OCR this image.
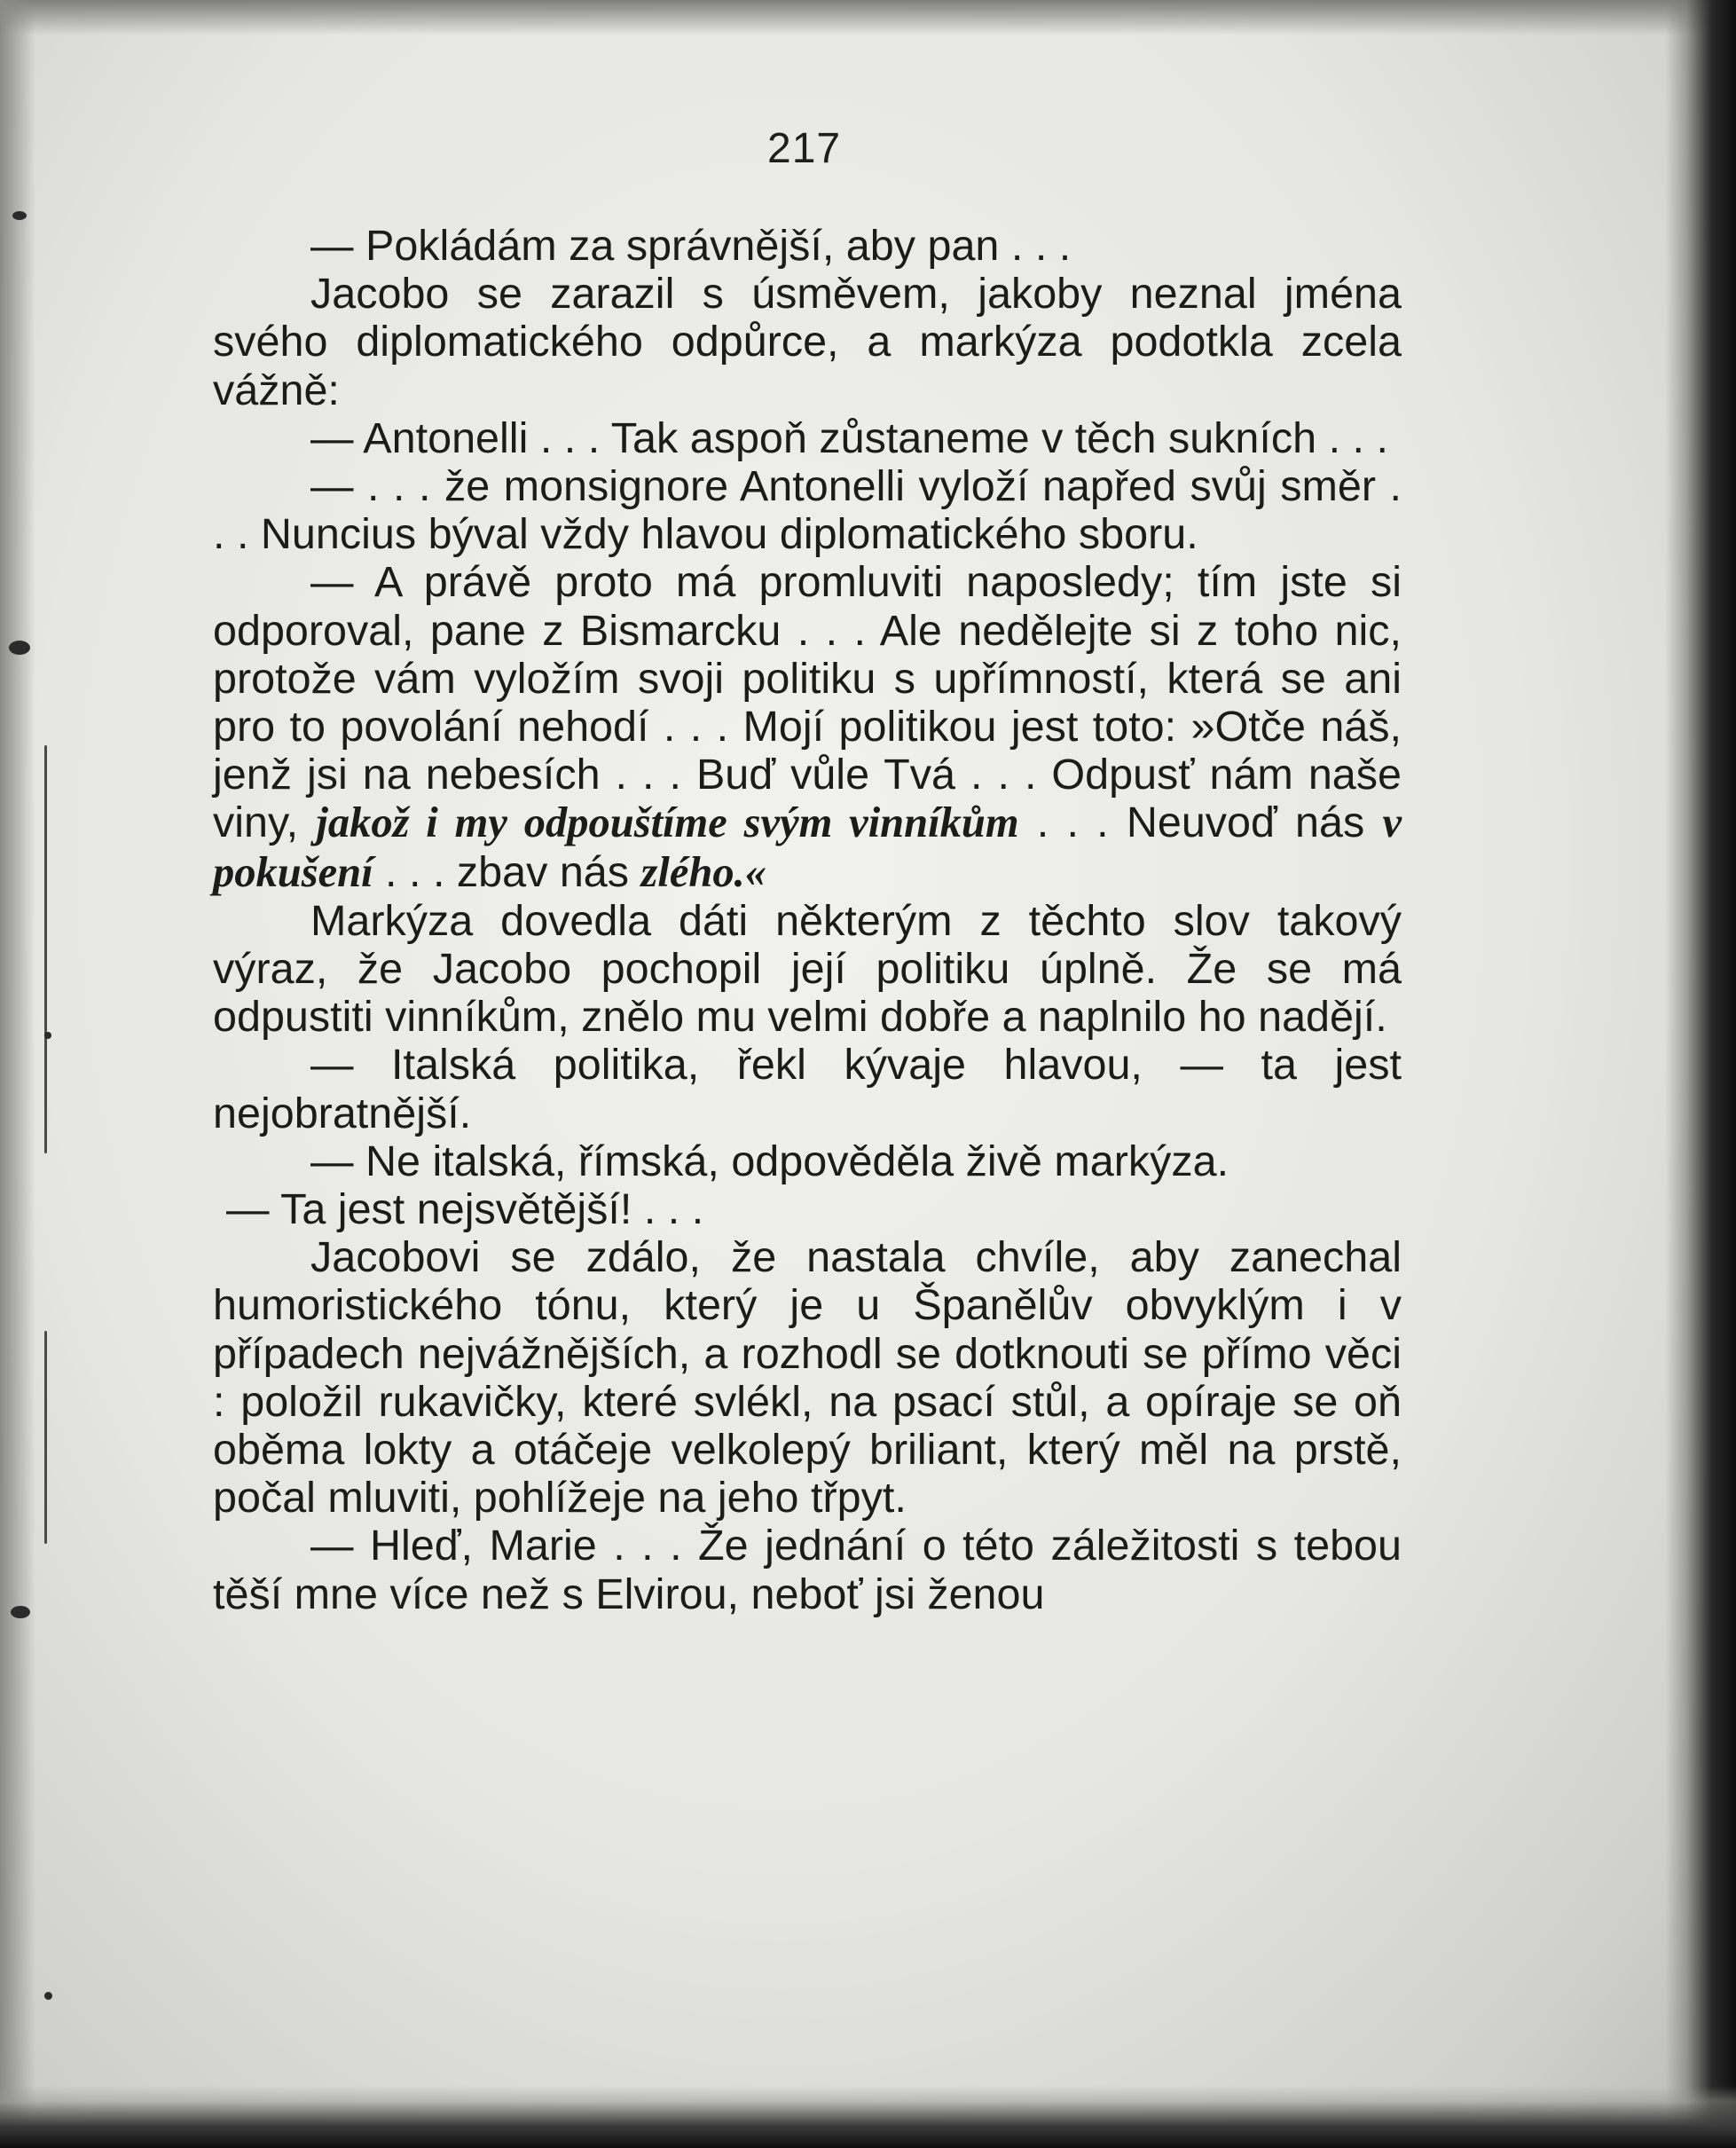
217

— Pokládám za správnější, aby pan . . .

Jacobo se zarazil s úsměvem, jakoby neznal jména svého diplomatického odpůrce, a markýza podotkla zcela vážně:

— Antonelli . . . Tak aspoň zůstaneme v těch sukních . . .

— . . . že monsignore Antonelli vyloží napřed svůj směr . . . Nuncius býval vždy hlavou diplomatického sboru.

— A právě proto má promluviti naposledy; tím jste si odporoval, pane z Bismarcku . . . Ale nedělejte si z toho nic, protože vám vyložím svoji politiku s upřímností, která se ani pro to povolání nehodí . . . Mojí politikou jest toto: »Otče náš, jenž jsi na nebesích . . . Buď vůle Tvá . . . Odpusť nám naše viny, jakož i my odpouštíme svým vinníkům . . . Neuvoď nás v pokušení . . . zbav nás zlého.«

Markýza dovedla dáti některým z těchto slov takový výraz, že Jacobo pochopil její politiku úplně. Že se má odpustiti vinníkům, znělo mu velmi dobře a naplnilo ho nadějí.

— Italská politika, řekl kývaje hlavou, — ta jest nejobratnější.

— Ne italská, římská, odpověděla živě markýza.

— Ta jest nejsvětější! . . .

Jacobovi se zdálo, že nastala chvíle, aby zanechal humoristického tónu, který je u Španělův obvyklým i v případech nejvážnějších, a rozhodl se dotknouti se přímo věci : položil rukavičky, které svlékl, na psací stůl, a opíraje se oň oběma lokty a otáčeje velkolepý briliant, který měl na prstě, počal mluviti, pohlížeje na jeho třpyt.

— Hleď, Marie . . . Že jednání o této záležitosti s tebou těší mne více než s Elvirou, neboť jsi ženou
